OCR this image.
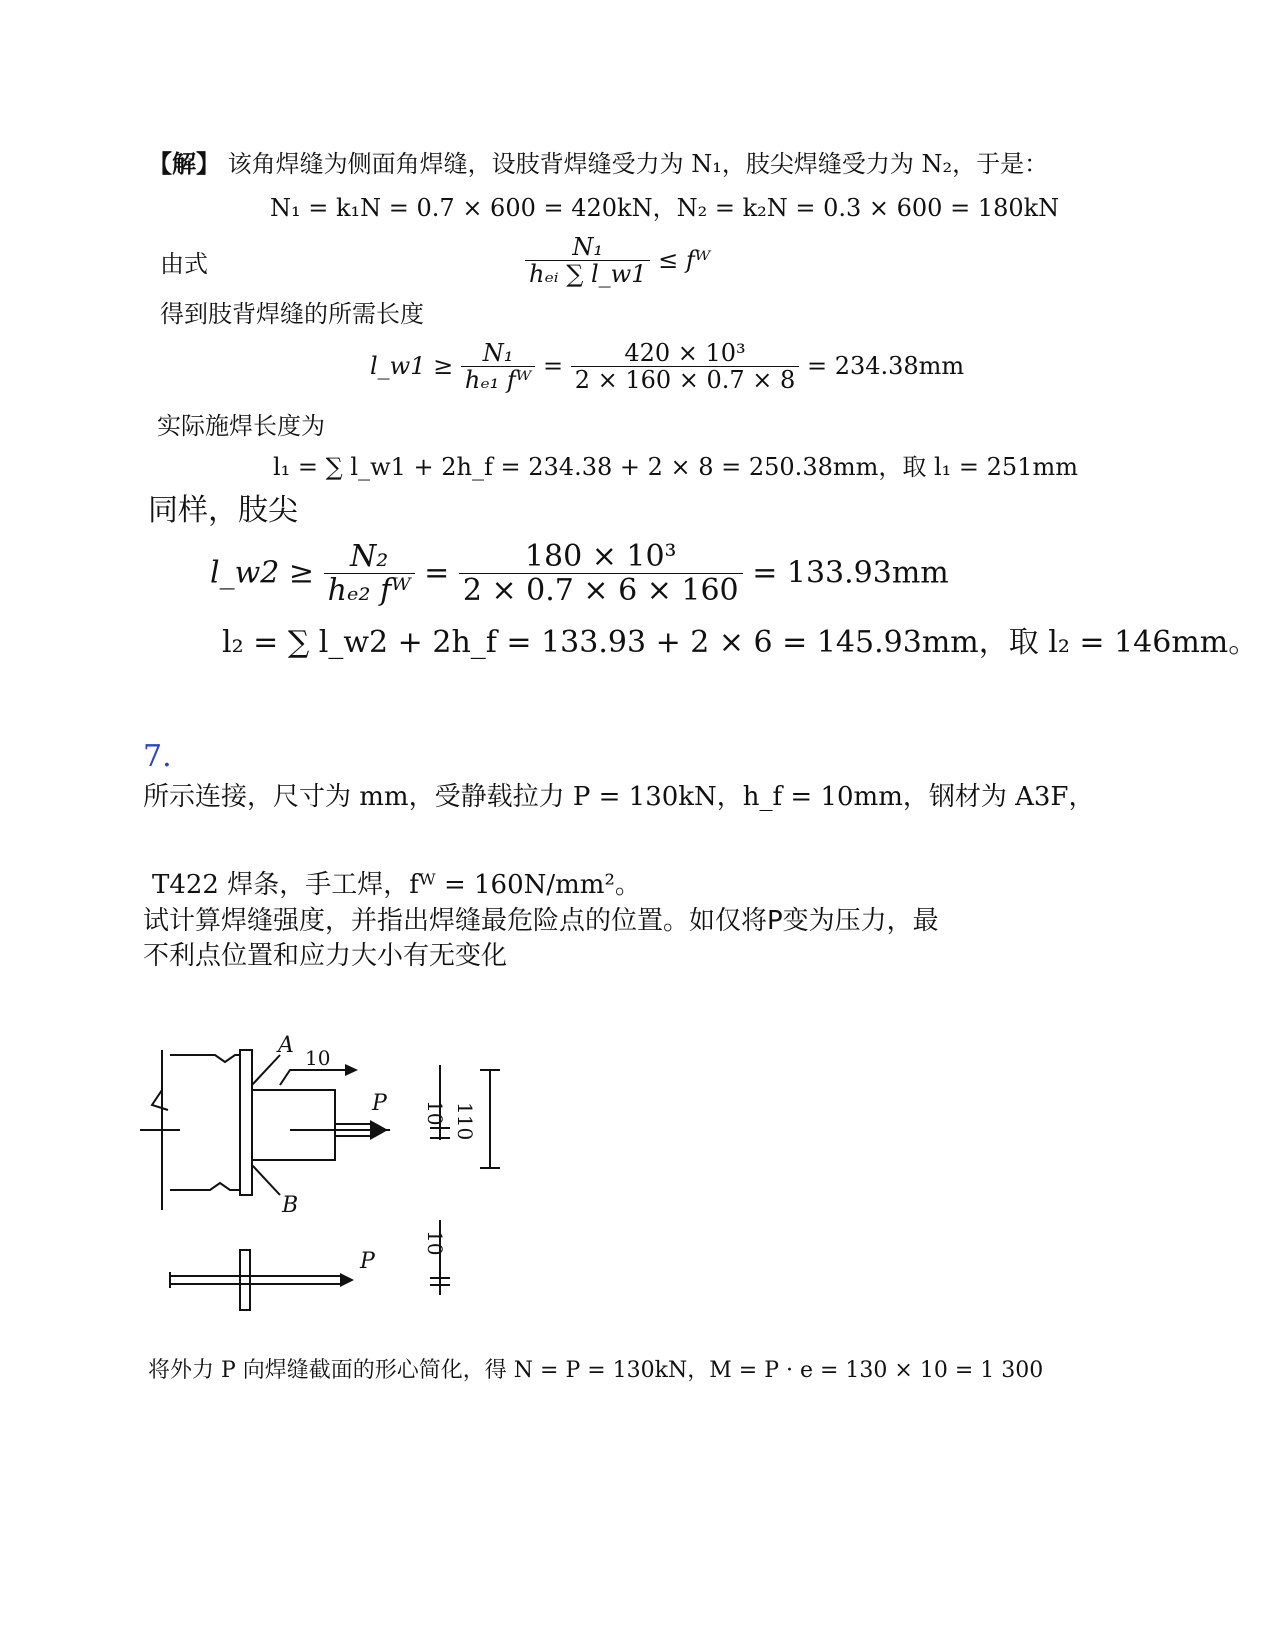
【解】 该角焊缝为侧面角焊缝，设肢背焊缝受力为 N₁，肢尖焊缝受力为 N₂，于是：
N₁ = k₁N = 0.7 × 600 = 420kN，N₂ = k₂N = 0.3 × 600 = 180kN
由式	$\frac{\text{N₁}}{\text{hₑᵢ ∑ l\_w1}}$ ≤ fᵂ
得到肢背焊缝的所需长度
l_w1 ≥ $\frac{\text{N₁}}{\text{hₑ₁ fᵂ}} = \frac{\text{420 × 10³}}{2 \times 160 \times 0.7 \times 8} = 234.38mm$
实际施焊长度为
l₁ = ∑ l_w1 + 2h_f = 234.38 + 2 × 8 = 250.38mm，取 l₁ = 251mm
同样，肢尖
l_w2 ≥ $\frac{\text{N₂}}{\text{hₑ₂ fᵂ}} = \frac{\text{180 × 10³}}{2 \times 0.7 \times 6 \times 160} = 133.93mm$
l₂ = ∑ l_w2 + 2h_f = 133.93 + 2 × 6 = 145.93mm，取 l₂ = 146mm。
7.
所示连接，尺寸为 mm，受静载拉力 P = 130kN，h_f = 10mm，钢材为 A3F，
T422 焊条，手工焊，fᵂ = 160N/mm²。
试计算焊缝强度，并指出焊缝最危险点的位置。如仅将P变为压力，最
不利点位置和应力大小有无变化
A
B
P
P
10
10 110
10
将外力 P 向焊缝截面的形心简化，得 N = P = 130kN，M = P · e = 130 × 10 = 1 300
